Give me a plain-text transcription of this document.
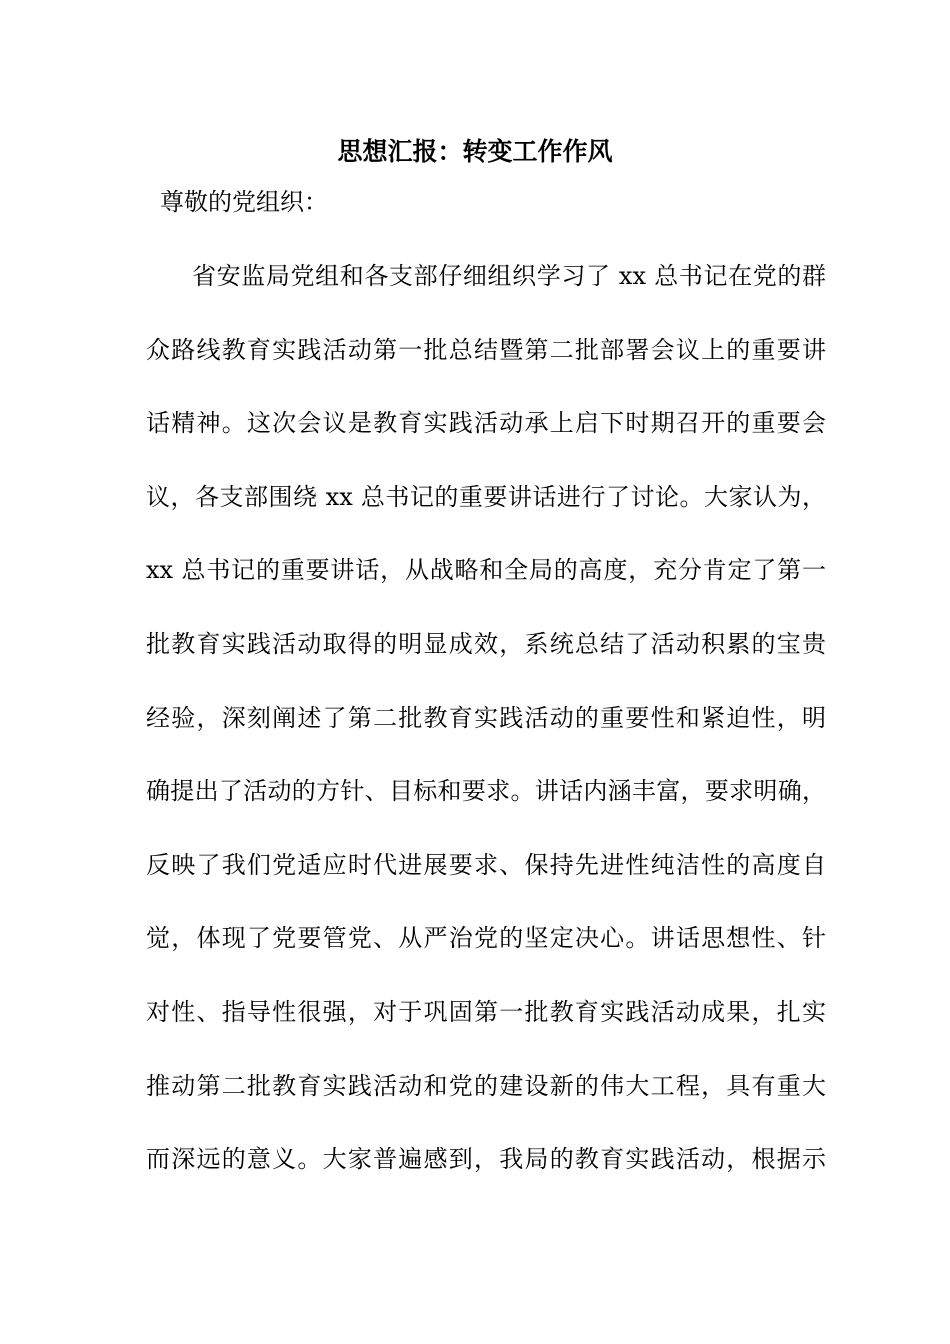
思想汇报：转变工作作风

尊敬的党组织：

省安监局党组和各支部仔细组织学习了 xx 总书记在党的群
众路线教育实践活动第一批总结暨第二批部署会议上的重要讲
话精神。这次会议是教育实践活动承上启下时期召开的重要会
议，各支部围绕 xx 总书记的重要讲话进行了讨论。大家认为，
xx 总书记的重要讲话，从战略和全局的高度，充分肯定了第一
批教育实践活动取得的明显成效，系统总结了活动积累的宝贵
经验，深刻阐述了第二批教育实践活动的重要性和紧迫性，明
确提出了活动的方针、目标和要求。讲话内涵丰富，要求明确，
反映了我们党适应时代进展要求、保持先进性纯洁性的高度自
觉，体现了党要管党、从严治党的坚定决心。讲话思想性、针
对性、指导性很强，对于巩固第一批教育实践活动成果，扎实
推动第二批教育实践活动和党的建设新的伟大工程，具有重大
而深远的意义。大家普遍感到，我局的教育实践活动，根据示
